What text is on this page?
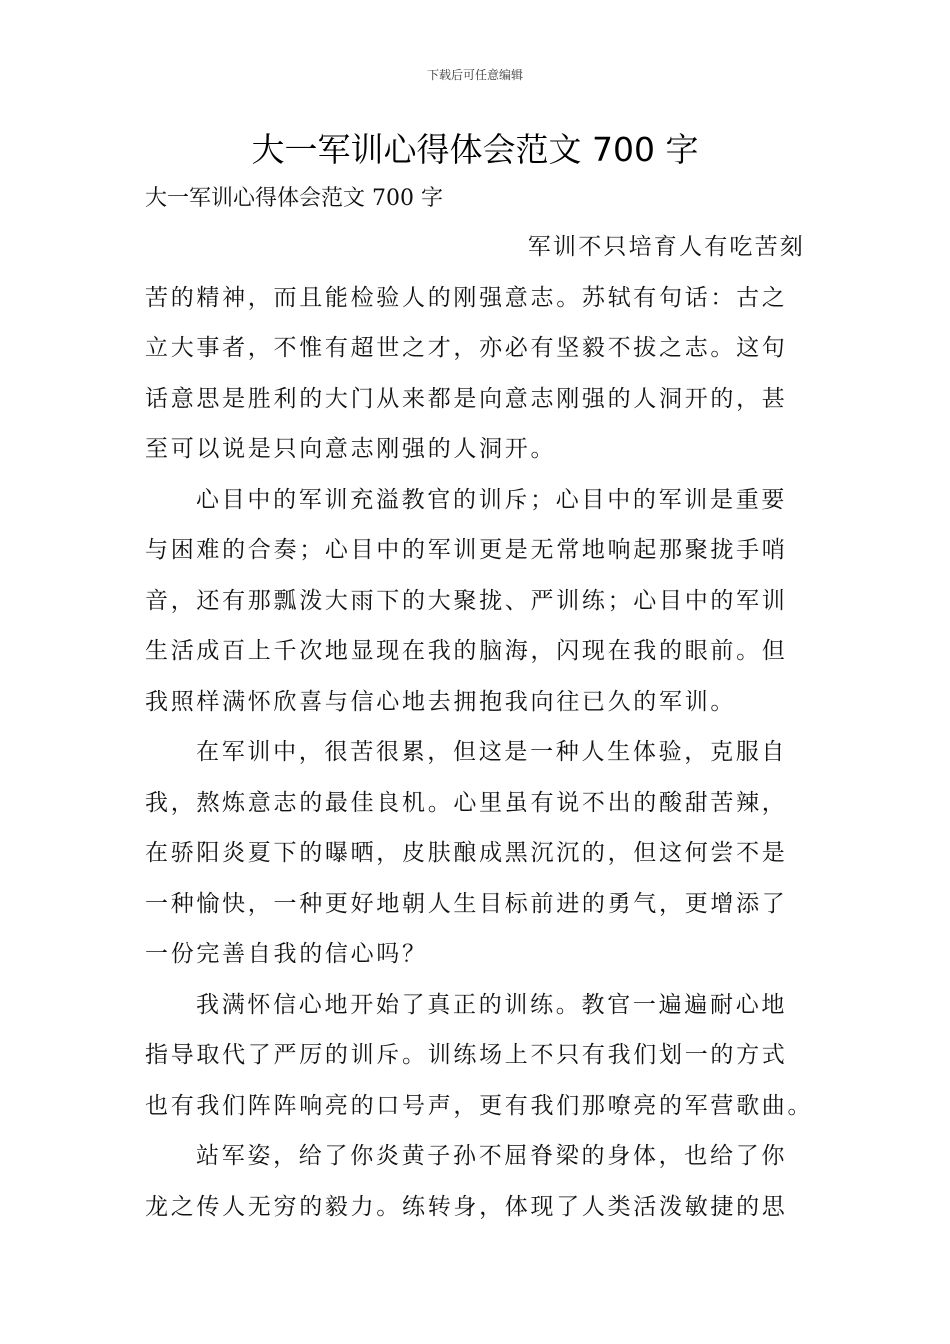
下载后可任意编辑
大一军训心得体会范文 700 字
大一军训心得体会范文 700 字
军训不只培育人有吃苦刻
苦的精神，而且能检验人的刚强意志。苏轼有句话：古之
立大事者，不惟有超世之才，亦必有坚毅不拔之志。这句
话意思是胜利的大门从来都是向意志刚强的人洞开的，甚
至可以说是只向意志刚强的人洞开。
心目中的军训充溢教官的训斥；心目中的军训是重要
与困难的合奏；心目中的军训更是无常地响起那聚拢手哨
音，还有那瓢泼大雨下的大聚拢、严训练；心目中的军训
生活成百上千次地显现在我的脑海，闪现在我的眼前。但
我照样满怀欣喜与信心地去拥抱我向往已久的军训。
在军训中，很苦很累，但这是一种人生体验，克服自
我，熬炼意志的最佳良机。心里虽有说不出的酸甜苦辣，
在骄阳炎夏下的曝晒，皮肤酿成黑沉沉的，但这何尝不是
一种愉快，一种更好地朝人生目标前进的勇气，更增添了
一份完善自我的信心吗？
我满怀信心地开始了真正的训练。教官一遍遍耐心地
指导取代了严厉的训斥。训练场上不只有我们划一的方式
也有我们阵阵响亮的口号声，更有我们那嘹亮的军营歌曲。
站军姿，给了你炎黄子孙不屈脊梁的身体，也给了你
龙之传人无穷的毅力。练转身，体现了人类活泼敏捷的思
